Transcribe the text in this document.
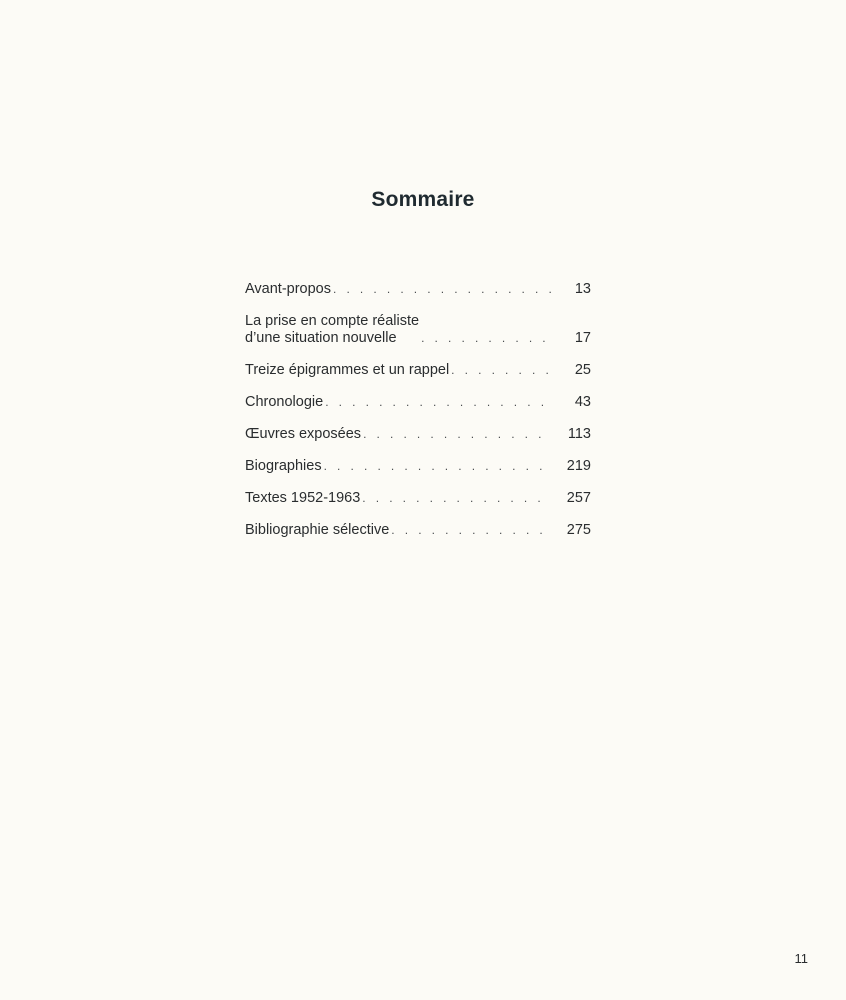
Sommaire
Avant-propos . . .	13
La prise en compte réaliste
d’une situation nouvelle . . .	17
Treize épigrammes et un rappel . . .	25
Chronologie . . .	43
Œuvres exposées . . .	113
Biographies . . .	219
Textes 1952-1963 . . .	257
Bibliographie sélective . . .	275
11
